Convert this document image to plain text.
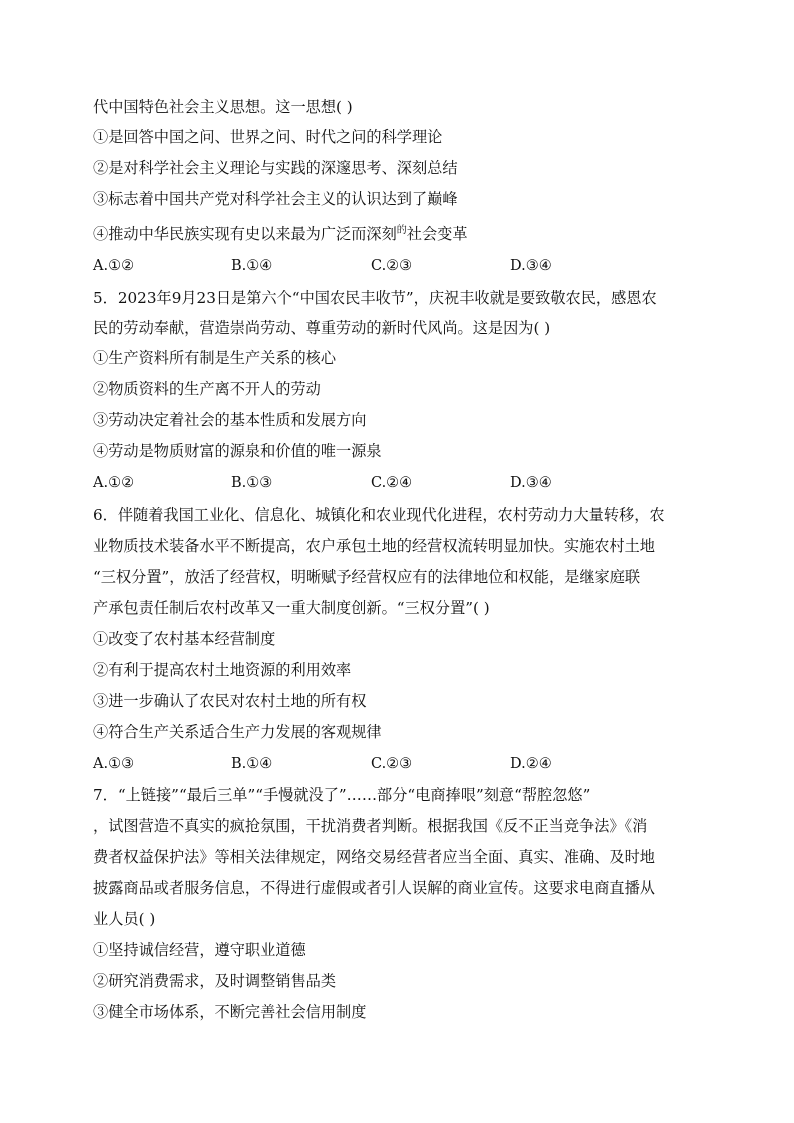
代中国特色社会主义思想。这一思想( )
①是回答中国之问、世界之问、时代之问的科学理论
②是对科学社会主义理论与实践的深邃思考、深刻总结
③标志着中国共产党对科学社会主义的认识达到了巅峰
④推动中华民族实现有史以来最为广泛而深刻$^的$社会变革
A.①②	B.①④	C.②③	D.③④
5．2023年9月23日是第六个“中国农民丰收节”，庆祝丰收就是要致敬农民，感恩农
民的劳动奉献，营造崇尚劳动、尊重劳动的新时代风尚。这是因为( )
①生产资料所有制是生产关系的核心
②物质资料的生产离不开人的劳动
③劳动决定着社会的基本性质和发展方向
④劳动是物质财富的源泉和价值的唯一源泉
A.①②	B.①③	C.②④	D.③④
6．伴随着我国工业化、信息化、城镇化和农业现代化进程，农村劳动力大量转移，农
业物质技术装备水平不断提高，农户承包土地的经营权流转明显加快。实施农村土地
“三权分置”，放活了经营权，明晰赋予经营权应有的法律地位和权能，是继家庭联
产承包责任制后农村改革又一重大制度创新。“三权分置”( )
①改变了农村基本经营制度
②有利于提高农村土地资源的利用效率
③进一步确认了农民对农村土地的所有权
④符合生产关系适合生产力发展的客观规律
A.①③	B.①④	C.②③	D.②④
7．“上链接”“最后三单”“手慢就没了”……部分“电商捧哏”刻意“帮腔忽悠”
，试图营造不真实的疯抢氛围，干扰消费者判断。根据我国《反不正当竞争法》《消
费者权益保护法》等相关法律规定，网络交易经营者应当全面、真实、准确、及时地
披露商品或者服务信息，不得进行虚假或者引人误解的商业宣传。这要求电商直播从
业人员( )
①坚持诚信经营，遵守职业道德
②研究消费需求，及时调整销售品类
③健全市场体系，不断完善社会信用制度
